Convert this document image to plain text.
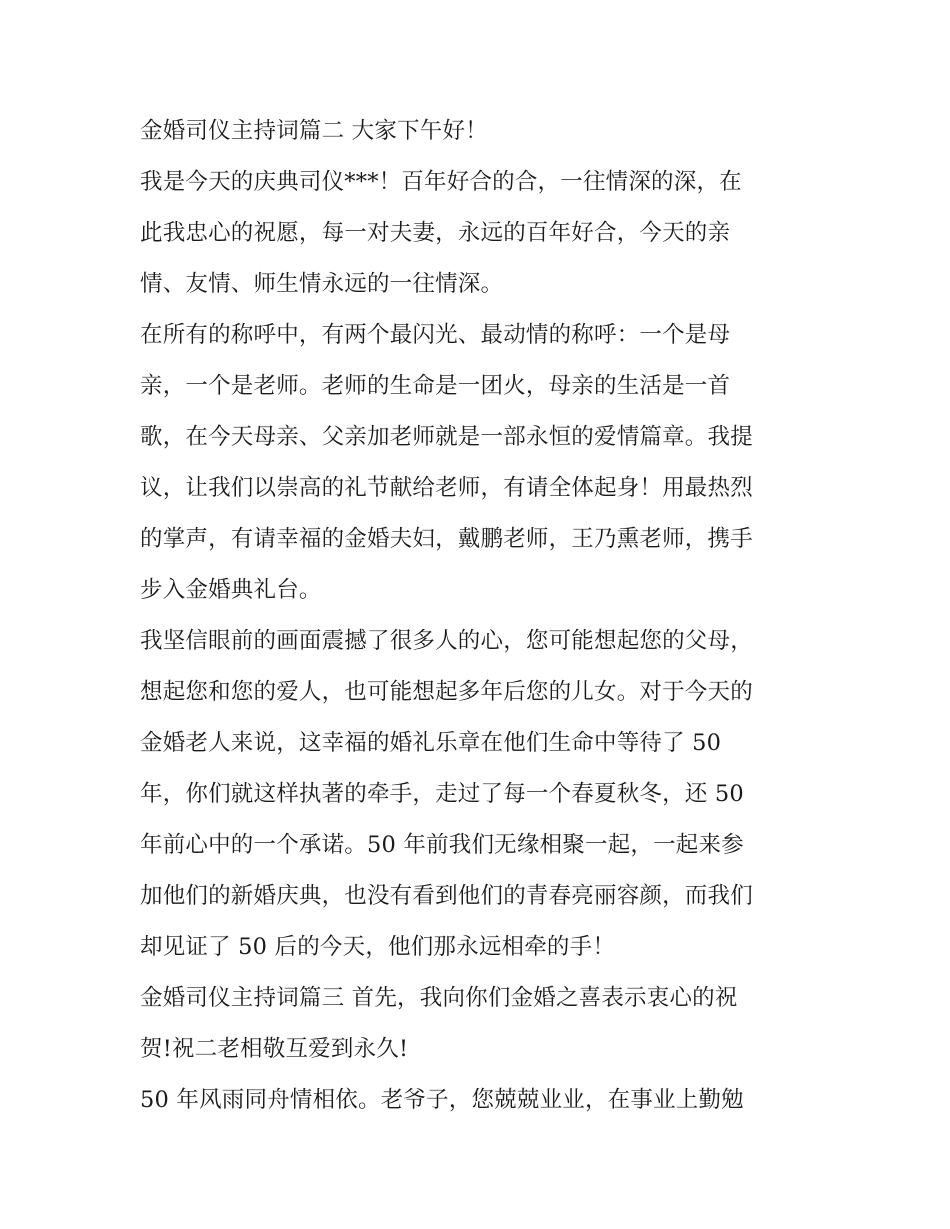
金婚司仪主持词篇二 大家下午好！
我是今天的庆典司仪***！百年好合的合，一往情深的深，在
此我忠心的祝愿，每一对夫妻，永远的百年好合，今天的亲
情、友情、师生情永远的一往情深。
在所有的称呼中，有两个最闪光、最动情的称呼：一个是母
亲，一个是老师。老师的生命是一团火，母亲的生活是一首
歌，在今天母亲、父亲加老师就是一部永恒的爱情篇章。我提
议，让我们以崇高的礼节献给老师，有请全体起身！用最热烈
的掌声，有请幸福的金婚夫妇，戴鹏老师，王乃熏老师，携手
步入金婚典礼台。
我坚信眼前的画面震撼了很多人的心，您可能想起您的父母，
想起您和您的爱人，也可能想起多年后您的儿女。对于今天的
金婚老人来说，这幸福的婚礼乐章在他们生命中等待了 50
年，你们就这样执著的牵手，走过了每一个春夏秋冬，还 50
年前心中的一个承诺。50 年前我们无缘相聚一起，一起来参
加他们的新婚庆典，也没有看到他们的青春亮丽容颜，而我们
却见证了 50 后的今天，他们那永远相牵的手！
金婚司仪主持词篇三 首先，我向你们金婚之喜表示衷心的祝
贺!祝二老相敬互爱到永久!
50 年风雨同舟情相依。老爷子，您兢兢业业，在事业上勤勉
